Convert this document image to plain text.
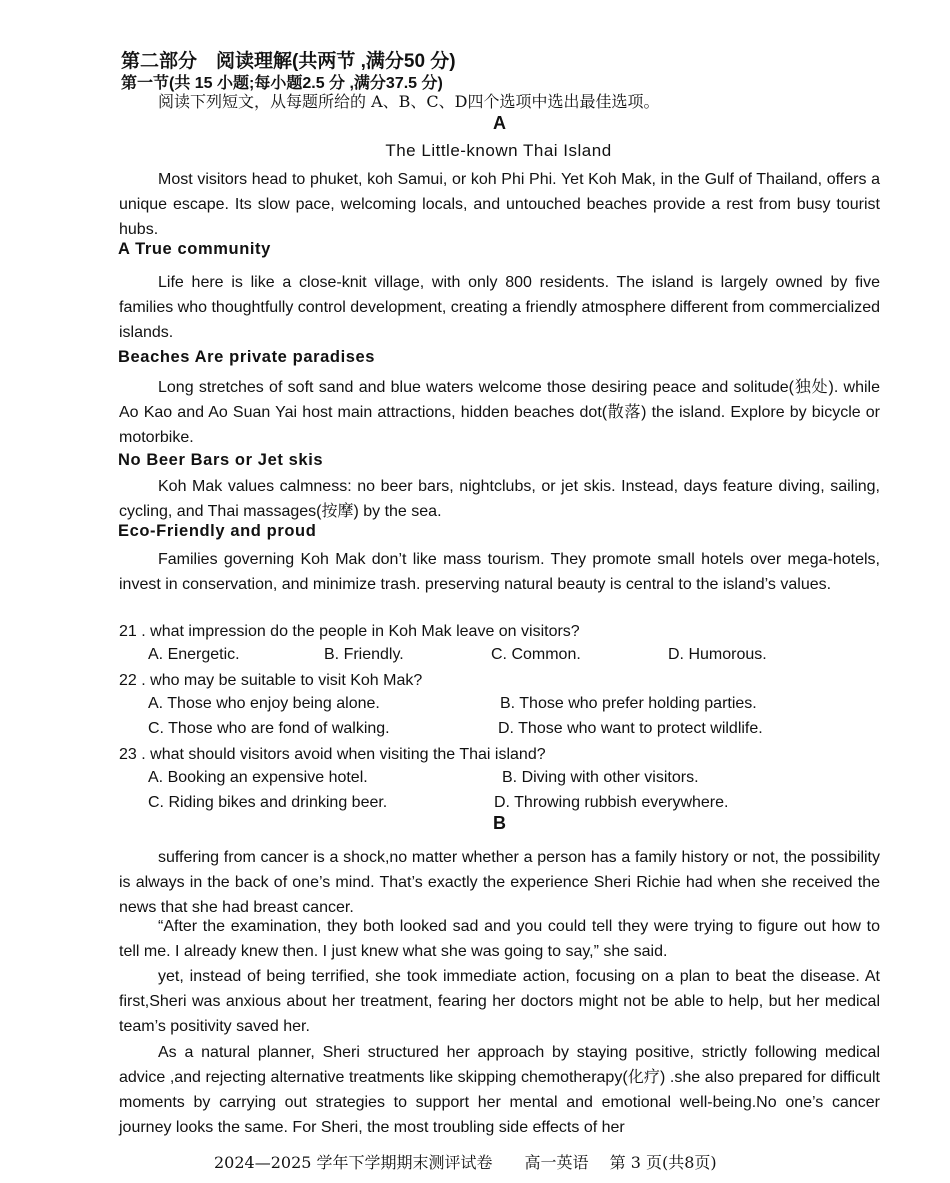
第二部分　阅读理解(共两节 ,满分50 分)
第一节(共 15 小题;每小题2.5 分 ,满分37.5 分)
阅读下列短文，从每题所给的 A、B、C、D四个选项中选出最佳选项。
A
The Little-known Thai Island
Most visitors head to phuket, koh Samui, or koh Phi Phi. Yet Koh Mak, in the Gulf of Thailand, offers a unique escape. Its slow pace, welcoming locals, and untouched beaches provide a rest from busy tourist hubs.
A True community
Life here is like a close-knit village, with only 800 residents. The island is largely owned by five families who thoughtfully control development, creating a friendly atmosphere different from commercialized islands.
Beaches Are private paradises
Long stretches of soft sand and blue waters welcome those desiring peace and solitude(独处). while Ao Kao and Ao Suan Yai host main attractions, hidden beaches dot(散落) the island. Explore by bicycle or motorbike.
No Beer Bars or Jet skis
Koh Mak values calmness: no beer bars, nightclubs, or jet skis. Instead, days feature diving, sailing, cycling, and Thai massages(按摩) by the sea.
Eco-Friendly and proud
Families governing Koh Mak don’t like mass tourism. They promote small hotels over mega-hotels, invest in conservation, and minimize trash. preserving natural beauty is central to the island’s values.
21 . what impression do the people in Koh Mak leave on visitors?
A. Energetic.	B. Friendly.	C. Common.	D. Humorous.
22 . who may be suitable to visit Koh Mak?
A. Those who enjoy being alone.	B. Those who prefer holding parties.
C. Those who are fond of walking.	D. Those who want to protect wildlife.
23 . what should visitors avoid when visiting the Thai island?
A. Booking an expensive hotel.	B. Diving with other visitors.
C. Riding bikes and drinking beer.	D. Throwing rubbish everywhere.
B
suffering from cancer is a shock,no matter whether a person has a family history or not, the possibility is always in the back of one’s mind. That’s exactly the experience Sheri Richie had when she received the news that she had breast cancer.
“After the examination, they both looked sad and you could tell they were trying to figure out how to tell me. I already knew then. I just knew what she was going to say,” she said.
yet, instead of being terrified, she took immediate action, focusing on a plan to beat the disease. At first,Sheri was anxious about her treatment, fearing her doctors might not be able to help, but her medical team’s positivity saved her.
As a natural planner, Sheri structured her approach by staying positive, strictly following medical advice ,and rejecting alternative treatments like skipping chemotherapy(化疗) .she also prepared for difficult moments by carrying out strategies to support her mental and emotional well-being.No one’s cancer journey looks the same. For Sheri, the most troubling side effects of her
2024—2025 学年下学期期末测评试卷　　高一英语　 第 3 页(共8页)
